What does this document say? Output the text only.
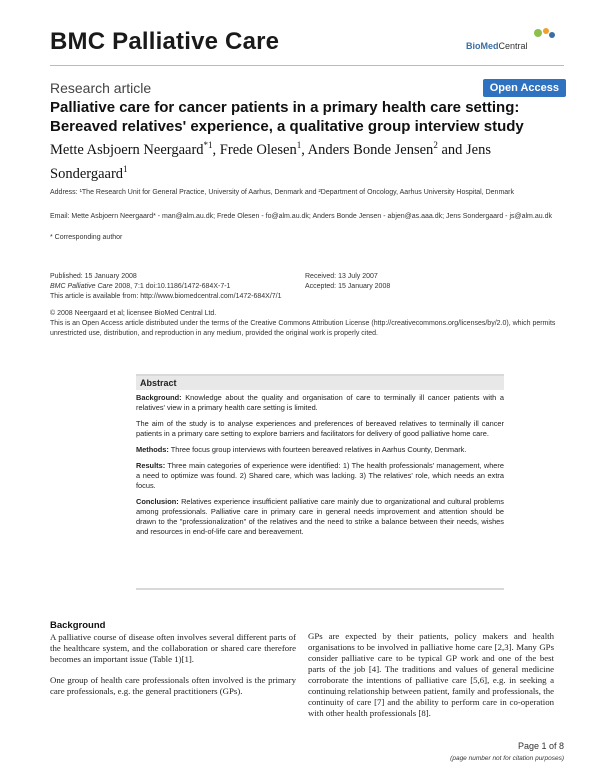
BMC Palliative Care	BioMedCentral
Research article	Open Access
Palliative care for cancer patients in a primary health care setting: Bereaved relatives' experience, a qualitative group interview study
Mette Asbjoern Neergaard$^{*1}$, Frede Olesen$^1$, Anders Bonde Jensen$^2$ and Jens Sondergaard$^1$
Address: ¹The Research Unit for General Practice, University of Aarhus, Denmark and ²Department of Oncology, Aarhus University Hospital, Denmark
Email: Mette Asbjoern Neergaard* - man@alm.au.dk; Frede Olesen - fo@alm.au.dk; Anders Bonde Jensen - abjen@as.aaa.dk; Jens Sondergaard - js@alm.au.dk
* Corresponding author
Published: 15 January 2008
BMC Palliative Care 2008, 7:1 doi:10.1186/1472-684X-7-1
This article is available from: http://www.biomedcentral.com/1472-684X/7/1
Received: 13 July 2007
Accepted: 15 January 2008
© 2008 Neergaard et al; licensee BioMed Central Ltd.
This is an Open Access article distributed under the terms of the Creative Commons Attribution License (http://creativecommons.org/licenses/by/2.0), which permits unrestricted use, distribution, and reproduction in any medium, provided the original work is properly cited.
Abstract

Background: Knowledge about the quality and organisation of care to terminally ill cancer patients with a relatives' view in a primary health care setting is limited.

The aim of the study is to analyse experiences and preferences of bereaved relatives to terminally ill cancer patients in a primary care setting to explore barriers and facilitators for delivery of good palliative home care.

Methods: Three focus group interviews with fourteen bereaved relatives in Aarhus County, Denmark.

Results: Three main categories of experience were identified: 1) The health professionals' management, where a need to optimize was found. 2) Shared care, which was lacking. 3) The relatives' role, which needs an extra focus.

Conclusion: Relatives experience insufficient palliative care mainly due to organizational and cultural problems among professionals. Palliative care in primary care in general needs improvement and attention should be drawn to the "professionalization" of the relatives and the need to strike a balance between their needs, wishes and resources in end-of-life care and bereavement.

Background

A palliative course of disease often involves several different parts of the healthcare system, and the collaboration or shared care therefore becomes an important issue (Table 1)[1].

One group of health care professionals often involved is the primary care professionals, e.g. the general practitioners (GPs).

GPs are expected by their patients, policy makers and health organisations to be involved in palliative home care [2,3]. Many GPs consider palliative care to be typical GP work and one of the best parts of the job [4]. The traditions and values of general medicine corroborate the intentions of palliative care [5,6], e.g. in seeking a continuing relationship between patient, family and professionals, the continuity of care [7] and the ability to perform care in co-operation with other health professionals [8].

Page 1 of 8
(page number not for citation purposes)
